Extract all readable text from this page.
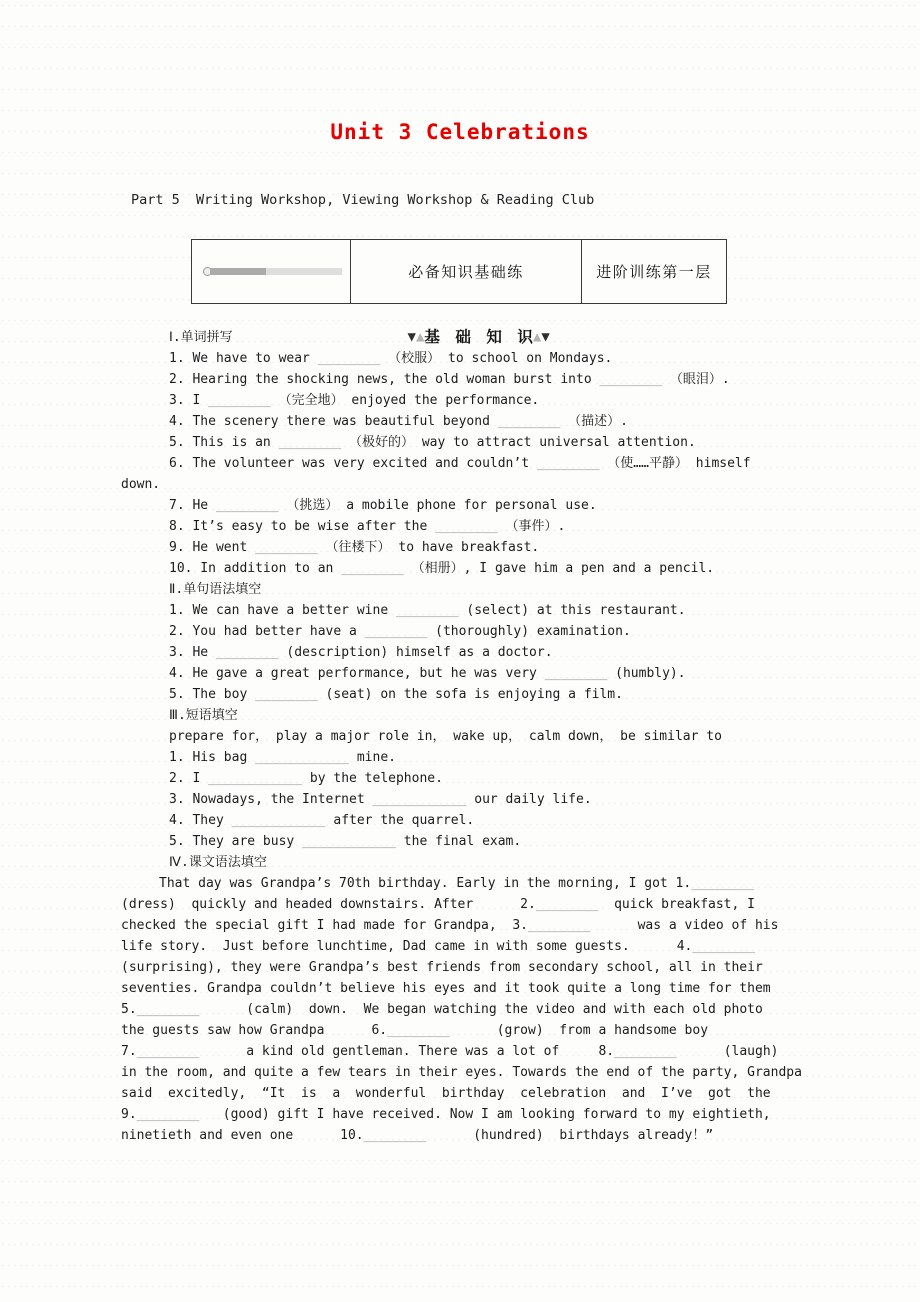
Unit 3 Celebrations
Part 5  Writing Workshop, Viewing Workshop & Reading Club
必备知识基础练	进阶训练第一层

▼▲基　础　知　识▲▼

Ⅰ.单词拼写
1. We have to wear ________ （校服） to school on Mondays.
2. Hearing the shocking news, the old woman burst into ________ （眼泪）.
3. I ________ （完全地） enjoyed the performance.
4. The scenery there was beautiful beyond ________ （描述）.
5. This is an ________ （极好的） way to attract universal attention.
6. The volunteer was very excited and couldn’t ________ （使……平静） himself
down.
7. He ________ （挑选） a mobile phone for personal use.
8. It’s easy to be wise after the ________ （事件）.
9. He went ________ （往楼下） to have breakfast.
10. In addition to an ________ （相册）, I gave him a pen and a pencil.
Ⅱ.单句语法填空
1. We can have a better wine ________ (select) at this restaurant.
2. You had better have a ________ (thoroughly) examination.
3. He ________ (description) himself as a doctor.
4. He gave a great performance, but he was very ________ (humbly).
5. The boy ________ (seat) on the sofa is enjoying a film.
Ⅲ.短语填空
prepare for， play a major role in， wake up， calm down， be similar to
1. His bag ____________ mine.
2. I ____________ by the telephone.
3. Nowadays, the Internet ____________ our daily life.
4. They ____________ after the quarrel.
5. They are busy ____________ the final exam.
Ⅳ.课文语法填空
That day was Grandpa’s 70th birthday. Early in the morning, I got 1.________
(dress)  quickly and headed downstairs. After      2.________  quick breakfast, I
checked the special gift I had made for Grandpa,  3.________      was a video of his
life story.  Just before lunchtime, Dad came in with some guests.      4.________
(surprising), they were Grandpa’s best friends from secondary school, all in their
seventies. Grandpa couldn’t believe his eyes and it took quite a long time for them
5.________      (calm)  down.  We began watching the video and with each old photo
the guests saw how Grandpa      6.________      (grow)  from a handsome boy
7.________      a kind old gentleman. There was a lot of     8.________      (laugh)
in the room, and quite a few tears in their eyes. Towards the end of the party, Grandpa
said  excitedly,  “It  is  a  wonderful  birthday  celebration  and  I’ve  got  the
9.________   (good) gift I have received. Now I am looking forward to my eightieth,
ninetieth and even one      10.________      (hundred)  birthdays already！”
